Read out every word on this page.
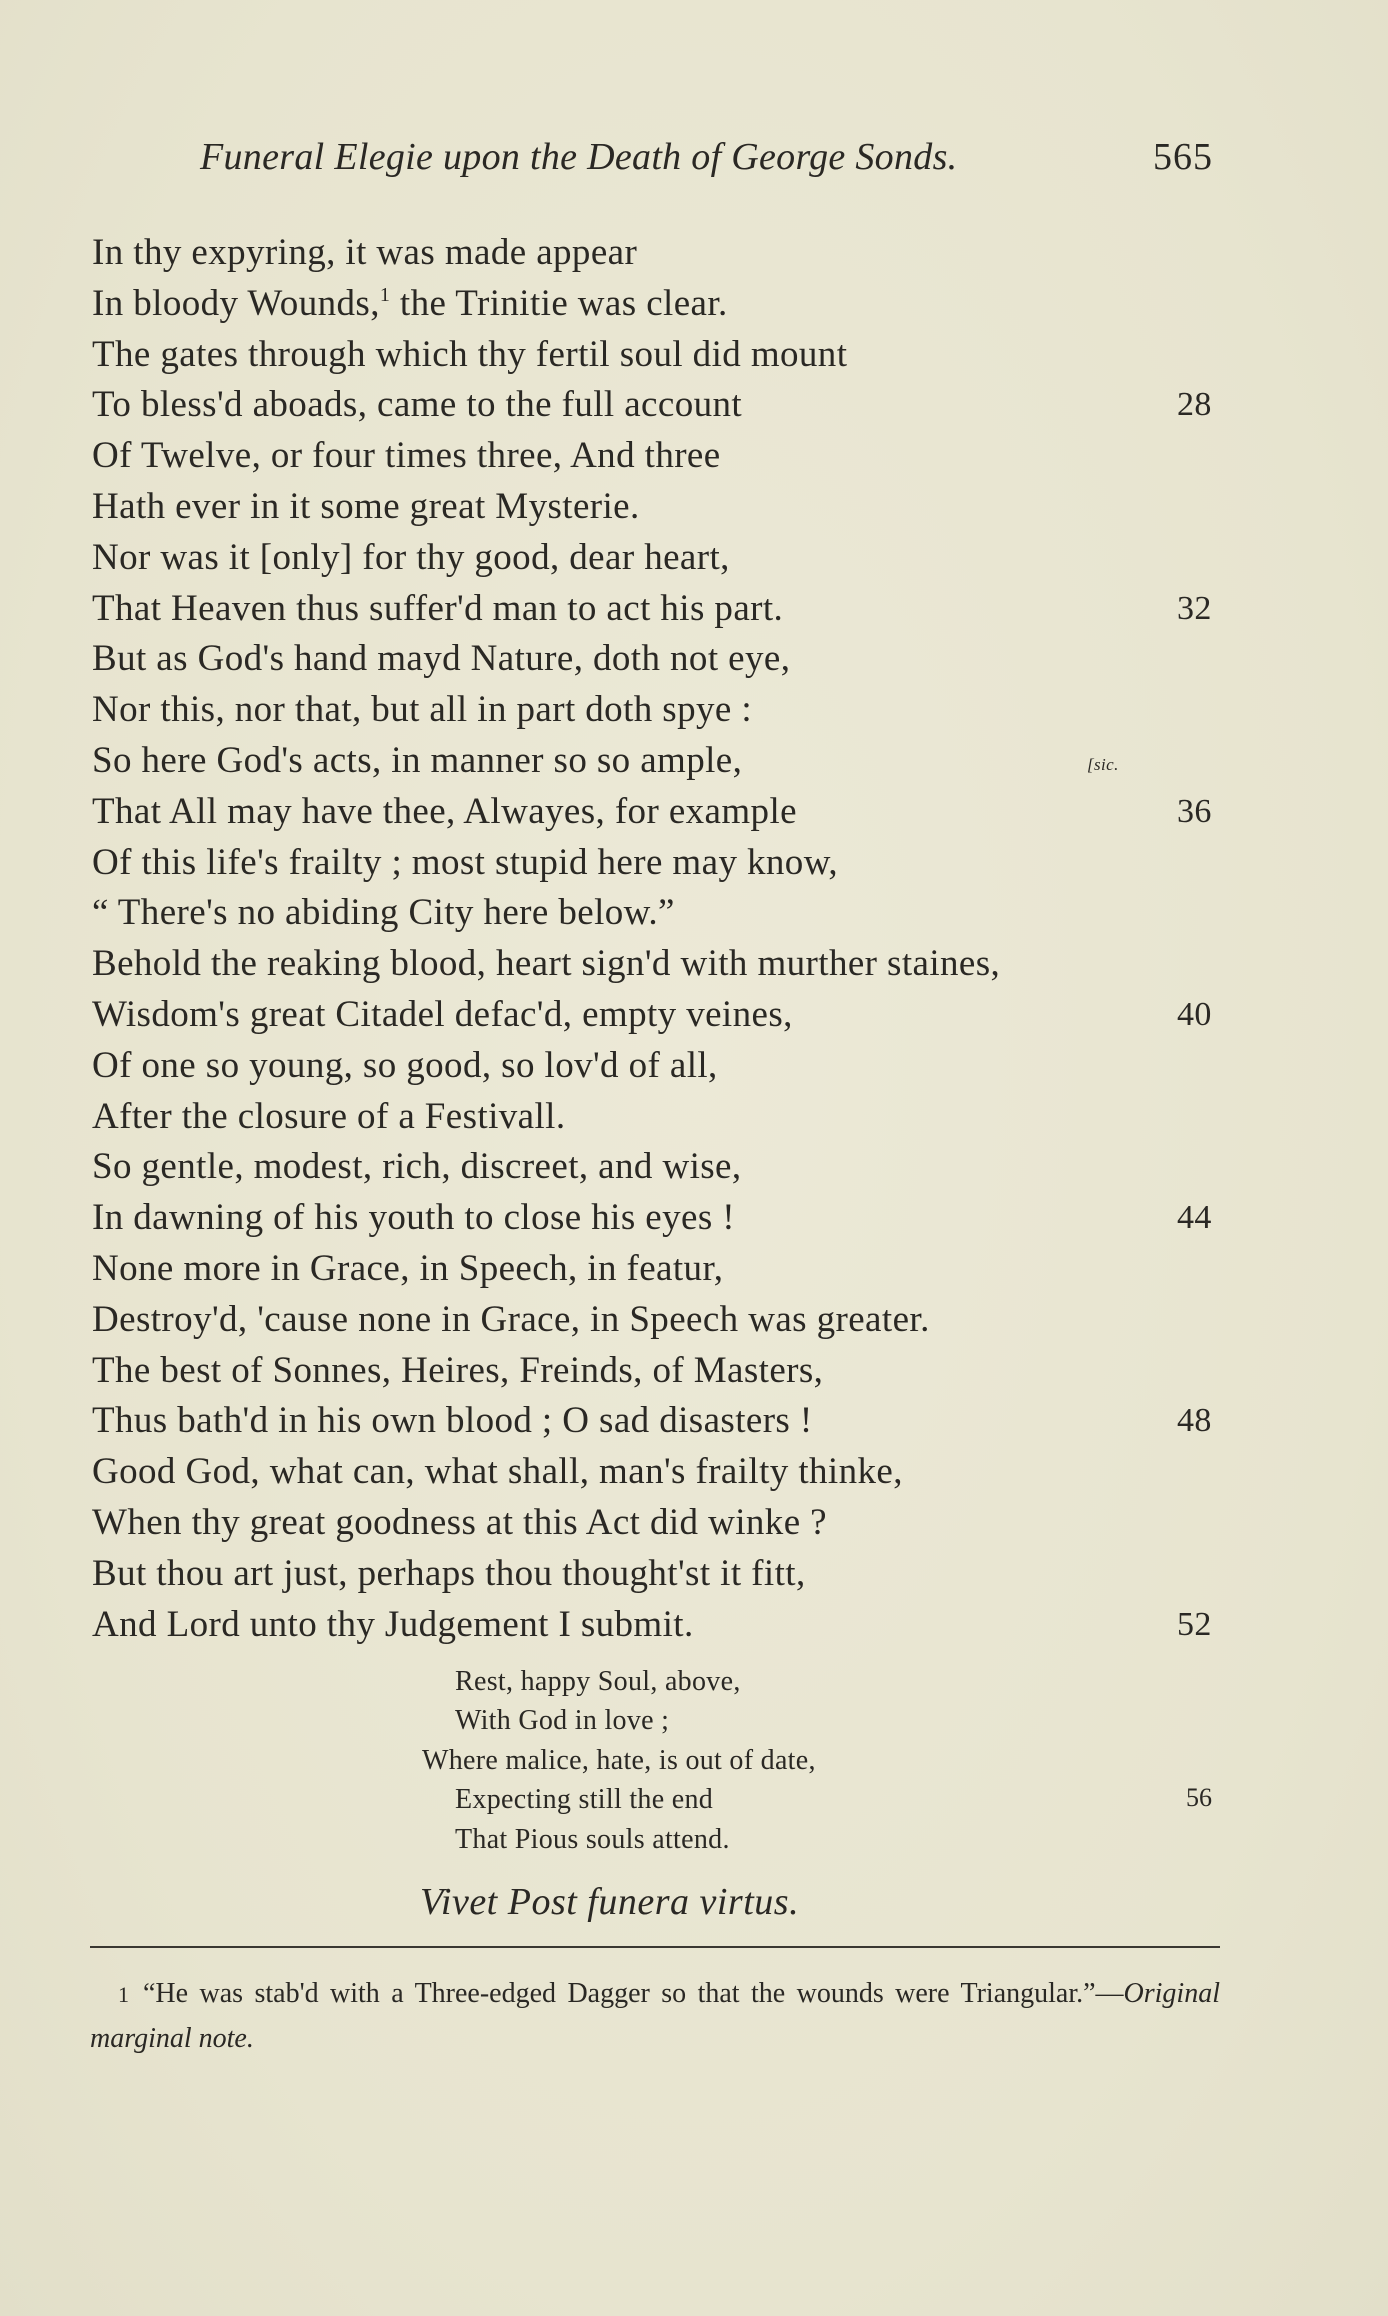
Funeral Elegie upon the Death of George Sonds.	565
In thy expyring, it was made appear
In bloody Wounds,$^1$ the Trinitie was clear.
The gates through which thy fertil soul did mount
To bless'd aboads, came to the full account	28
Of Twelve, or four times three, And three
Hath ever in it some great Mysterie.
Nor was it [only] for thy good, dear heart,
That Heaven thus suffer'd man to act his part.	32
But as God's hand mayd Nature, doth not eye,
Nor this, nor that, but all in part doth spye :
So here God's acts, in manner so so ample,	[sic.
That All may have thee, Alwayes, for example	36
Of this life's frailty ; most stupid here may know,
“ There's no abiding City here below.”
Behold the reaking blood, heart sign'd with murther staines,
Wisdom's great Citadel defac'd, empty veines,	40
Of one so young, so good, so lov'd of all,
After the closure of a Festivall.
So gentle, modest, rich, discreet, and wise,
In dawning of his youth to close his eyes !	44
None more in Grace, in Speech, in featur,
Destroy'd, 'cause none in Grace, in Speech was greater.
The best of Sonnes, Heires, Freinds, of Masters,
Thus bath'd in his own blood ; O sad disasters !	48
Good God, what can, what shall, man's frailty thinke,
When thy great goodness at this Act did winke ?
But thou art just, perhaps thou thought'st it fitt,
And Lord unto thy Judgement I submit.	52
Rest, happy Soul, above,
With God in love ;
Where malice, hate, is out of date,
Expecting still the end	56
That Pious souls attend.
Vivet Post funera virtus.
1 “He was stab'd with a Three-edged Dagger so that the wounds were Triangular.”—Original marginal note.
